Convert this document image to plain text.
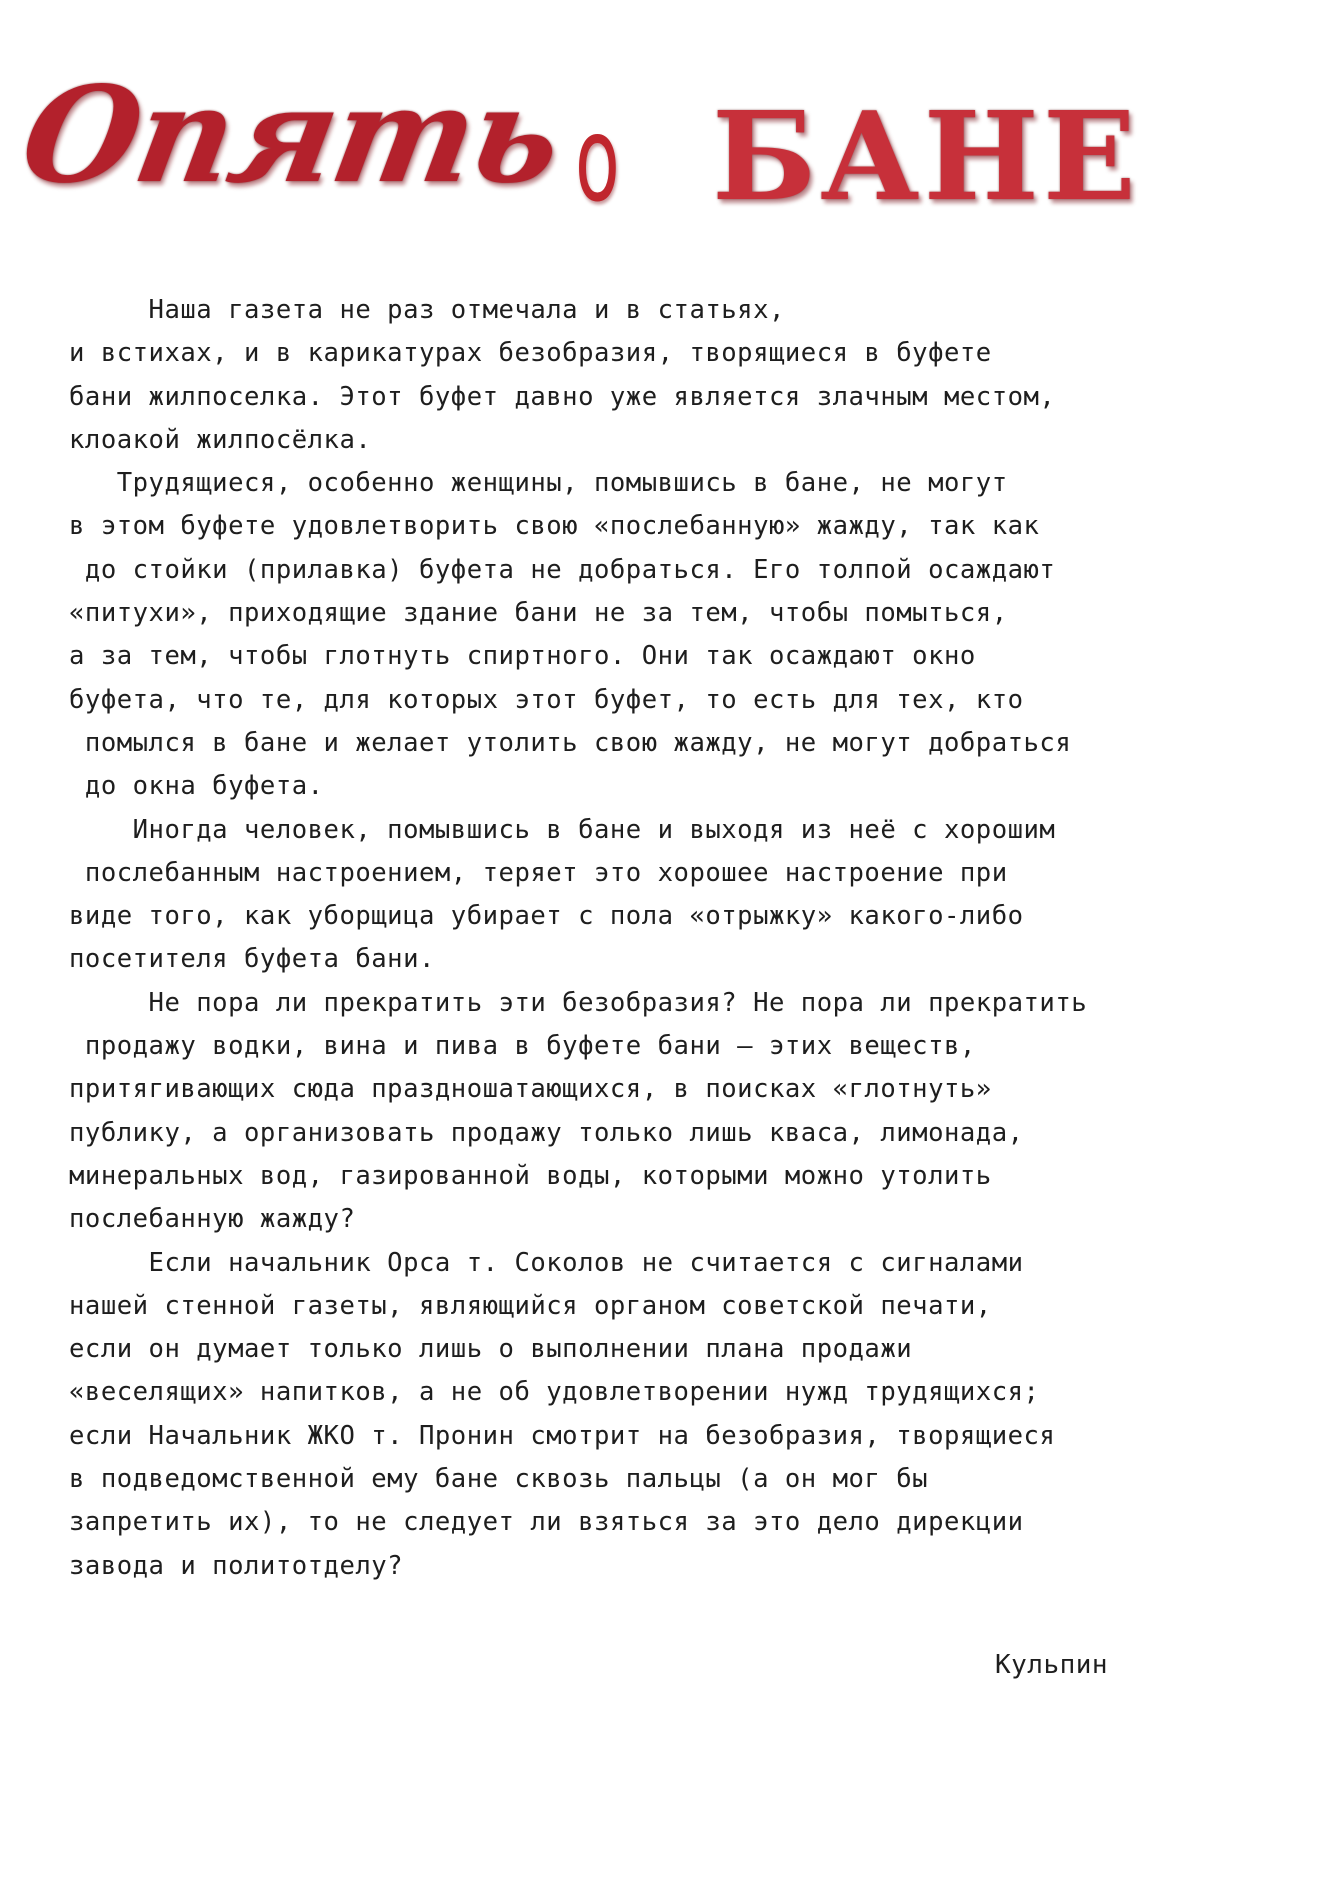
Опять о БАНЕ
Наша газета не раз отмечала и в статьях,
и встихах, и в карикатурах безобразия, творящиеся в буфете
бани жилпоселка. Этот буфет давно уже является злачным местом,
клоакой жилпосёлка.
Трудящиеся, особенно женщины, помывшись в бане, не могут
в этом буфете удовлетворить свою «послебанную» жажду, так как
до стойки (прилавка) буфета не добраться. Его толпой осаждают
«питухи», приходящие здание бани не за тем, чтобы помыться,
а за тем, чтобы глотнуть спиртного. Они так осаждают окно
буфета, что те, для которых этот буфет, то есть для тех, кто
помылся в бане и желает утолить свою жажду, не могут добраться
до окна буфета.
Иногда человек, помывшись в бане и выходя из неё с хорошим
послебанным настроением, теряет это хорошее настроение при
виде того, как уборщица убирает с пола «отрыжку» какого-либо
посетителя буфета бани.
Не пора ли прекратить эти безобразия? Не пора ли прекратить
продажу водки, вина и пива в буфете бани — этих веществ,
притягивающих сюда праздношатающихся, в поисках «глотнуть»
публику, а организовать продажу только лишь кваса, лимонада,
минеральных вод, газированной воды, которыми можно утолить
послебанную жажду?
Если начальник Орса т. Соколов не считается с сигналами
нашей стенной газеты, являющийся органом советской печати,
если он думает только лишь о выполнении плана продажи
«веселящих» напитков, а не об удовлетворении нужд трудящихся;
если Начальник ЖКО т. Пронин смотрит на безобразия, творящиеся
в подведомственной ему бане сквозь пальцы (а он мог бы
запретить их), то не следует ли взяться за это дело дирекции
завода и политотделу?
Кульпин
